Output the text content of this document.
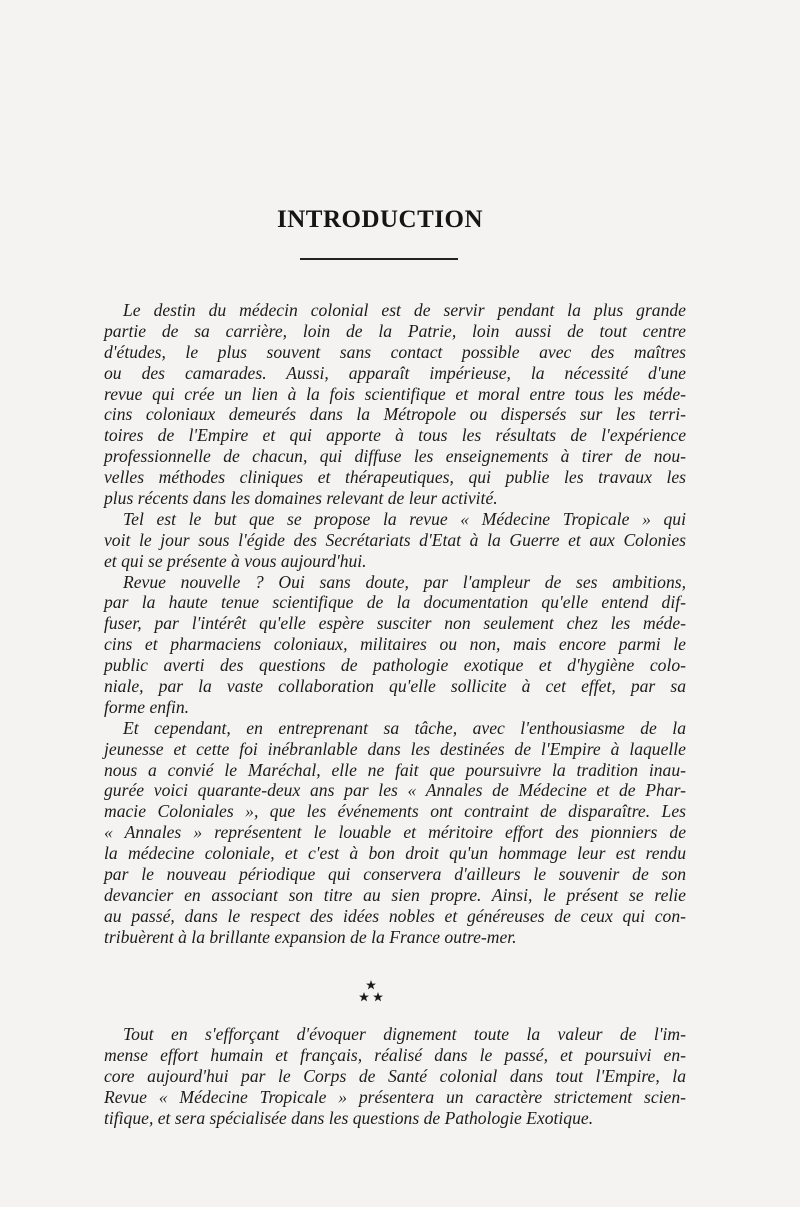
INTRODUCTION
Le destin du médecin colonial est de servir pendant la plus grande
partie de sa carrière, loin de la Patrie, loin aussi de tout centre
d'études, le plus souvent sans contact possible avec des maîtres
ou des camarades. Aussi, apparaît impérieuse, la nécessité d'une
revue qui crée un lien à la fois scientifique et moral entre tous les méde-
cins coloniaux demeurés dans la Métropole ou dispersés sur les terri-
toires de l'Empire et qui apporte à tous les résultats de l'expérience
professionnelle de chacun, qui diffuse les enseignements à tirer de nou-
velles méthodes cliniques et thérapeutiques, qui publie les travaux les
plus récents dans les domaines relevant de leur activité.
Tel est le but que se propose la revue « Médecine Tropicale » qui
voit le jour sous l'égide des Secrétariats d'Etat à la Guerre et aux Colonies
et qui se présente à vous aujourd'hui.
Revue nouvelle ? Oui sans doute, par l'ampleur de ses ambitions,
par la haute tenue scientifique de la documentation qu'elle entend dif-
fuser, par l'intérêt qu'elle espère susciter non seulement chez les méde-
cins et pharmaciens coloniaux, militaires ou non, mais encore parmi le
public averti des questions de pathologie exotique et d'hygiène colo-
niale, par la vaste collaboration qu'elle sollicite à cet effet, par sa
forme enfin.
Et cependant, en entreprenant sa tâche, avec l'enthousiasme de la
jeunesse et cette foi inébranlable dans les destinées de l'Empire à laquelle
nous a convié le Maréchal, elle ne fait que poursuivre la tradition inau-
gurée voici quarante-deux ans par les « Annales de Médecine et de Phar-
macie Coloniales », que les événements ont contraint de disparaître. Les
« Annales » représentent le louable et méritoire effort des pionniers de
la médecine coloniale, et c'est à bon droit qu'un hommage leur est rendu
par le nouveau périodique qui conservera d'ailleurs le souvenir de son
devancier en associant son titre au sien propre. Ainsi, le présent se relie
au passé, dans le respect des idées nobles et généreuses de ceux qui con-
tribuèrent à la brillante expansion de la France outre-mer.
Tout en s'efforçant d'évoquer dignement toute la valeur de l'im-
mense effort humain et français, réalisé dans le passé, et poursuivi en-
core aujourd'hui par le Corps de Santé colonial dans tout l'Empire, la
Revue « Médecine Tropicale » présentera un caractère strictement scien-
tifique, et sera spécialisée dans les questions de Pathologie Exotique.
